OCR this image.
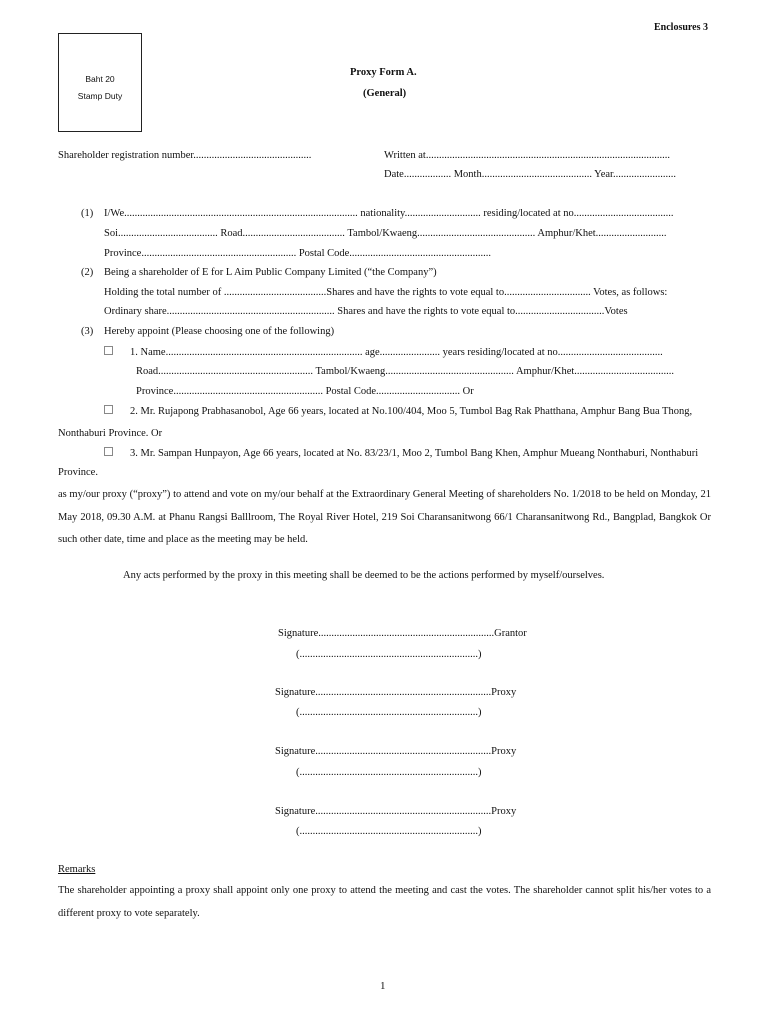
Enclosures 3
Baht 20
Stamp Duty
Proxy Form A.
(General)
Shareholder registration number.............................................	Written at.............................................................................................
Date.................. Month.......................................... Year........................
(1) I/We......................................................................................... nationality............................. residing/located at no......................................
Soi...................................... Road....................................... Tambol/Kwaeng............................................. Amphur/Khet...........................
Province........................................................... Postal Code......................................................
(2) Being a shareholder of E for L Aim Public Company Limited (“the Company”)
Holding the total number of .......................................Shares and have the rights to vote equal to................................. Votes, as follows:
Ordinary share................................................................ Shares and have the rights to vote equal to..................................Votes
(3) Hereby appoint (Please choosing one of the following)
1. Name........................................................................... age....................... years residing/located at no........................................
Road........................................................... Tambol/Kwaeng................................................. Amphur/Khet......................................
Province......................................................... Postal Code................................ Or
2. Mr. Rujapong Prabhasanobol, Age 66 years, located at No.100/404, Moo 5, Tumbol Bag Rak Phatthana, Amphur Bang Bua Thong,
Nonthaburi Province. Or
3. Mr. Sampan Hunpayon, Age 66 years, located at No. 83/23/1, Moo 2, Tumbol Bang Khen, Amphur Mueang Nonthaburi, Nonthaburi
Province.
as my/our proxy (“proxy”) to attend and vote on my/our behalf at the Extraordinary General Meeting of shareholders No. 1/2018 to be held on Monday, 21 May 2018, 09.30 A.M. at Phanu Rangsi Balllroom, The Royal River Hotel, 219 Soi Charansanitwong 66/1 Charansanitwong Rd., Bangplad, Bangkok Or such other date, time and place as the meeting may be held.
Any acts performed by the proxy in this meeting shall be deemed to be the actions performed by myself/ourselves.
Signature...................................................................Grantor
(....................................................................)
Signature...................................................................Proxy
(....................................................................)
Signature...................................................................Proxy
(....................................................................)
Signature...................................................................Proxy
(....................................................................)
Remarks
The shareholder appointing a proxy shall appoint only one proxy to attend the meeting and cast the votes. The shareholder cannot split his/her votes to a different proxy to vote separately.
1
